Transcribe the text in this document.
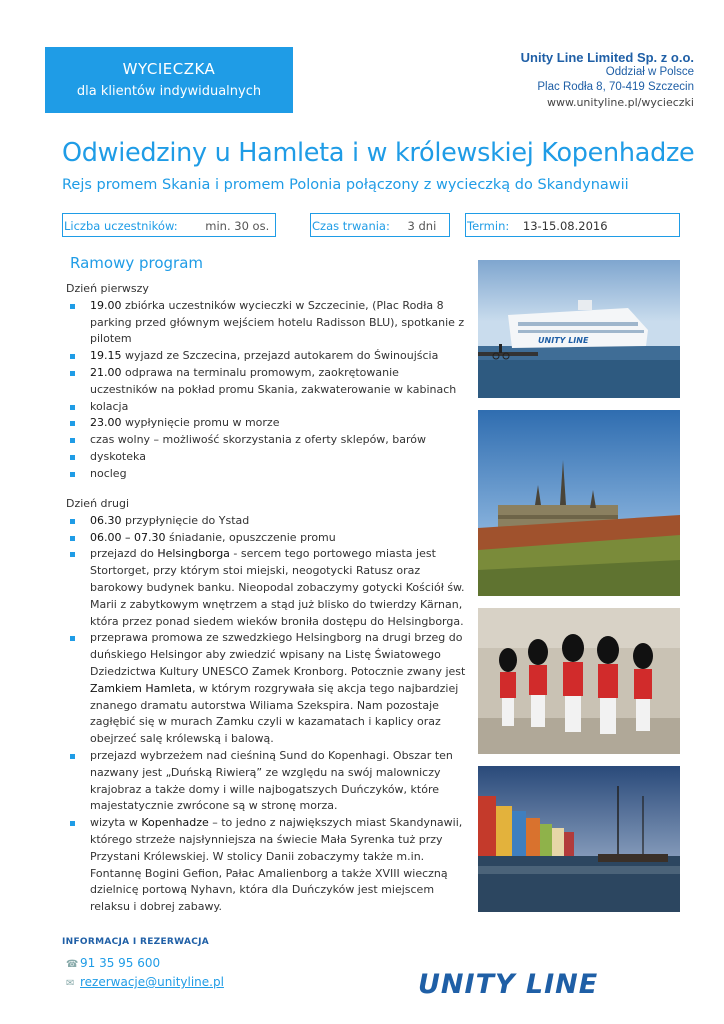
WYCIECZKA
dla klientów indywidualnych
Unity Line Limited Sp. z o.o.
Oddział w Polsce
Plac Rodła 8, 70-419 Szczecin
www.unityline.pl/wycieczki
Odwiedziny u Hamleta i w królewskiej Kopenhadze
Rejs promem Skania i promem Polonia połączony z wycieczką do Skandynawii
Liczba uczestników: min. 30 os.	Czas trwania: 3 dni	Termin: 13-15.08.2016
Ramowy program
Dzień pierwszy
19.00 zbiórka uczestników wycieczki w Szczecinie, (Plac Rodła 8 parking przed głównym wejściem hotelu Radisson BLU), spotkanie z pilotem
19.15 wyjazd ze Szczecina, przejazd autokarem do Świnoujścia
21.00 odprawa na terminalu promowym, zaokrętowanie uczestników na pokład promu Skania, zakwaterowanie w kabinach
kolacja
23.00 wypłynięcie promu w morze
czas wolny – możliwość skorzystania z oferty sklepów, barów
dyskoteka
nocleg
Dzień drugi
06.30 przypłynięcie do Ystad
06.00 – 07.30 śniadanie, opuszczenie promu
przejazd do Helsingborga - sercem tego portowego miasta jest Stortorget, przy którym stoi miejski, neogotycki Ratusz oraz barokowy budynek banku. Nieopodal zobaczymy gotycki Kościół św. Marii z zabytkowym wnętrzem a stąd już blisko do twierdzy Kärnan, która przez ponad siedem wieków broniła dostępu do Helsingborga.
przeprawa promowa ze szwedzkiego Helsingborg na drugi brzeg do duńskiego Helsingor aby zwiedzić wpisany na Listę Światowego Dziedzictwa Kultury UNESCO Zamek Kronborg. Potocznie zwany jest Zamkiem Hamleta, w którym rozgrywała się akcja tego najbardziej znanego dramatu autorstwa Wiliama Szekspira. Nam pozostaje zagłębić się w murach Zamku czyli w kazamatach i kaplicy oraz obejrzeć salę królewską i balową.
przejazd wybrzeżem nad cieśniną Sund do Kopenhagi. Obszar ten nazwany jest „Duńską Riwierą” ze względu na swój malowniczy krajobraz a także domy i wille najbogatszych Duńczyków, które majestatycznie zwrócone są w stronę morza.
wizyta w Kopenhadze – to jedno z największych miast Skandynawii, którego strzeże najsłynniejsza na świecie Mała Syrenka tuż przy Przystani Królewskiej. W stolicy Danii zobaczymy także m.in. Fontannę Bogini Gefion, Pałac Amalienborg a także XVIII wieczną dzielnicę portową Nyhavn, która dla Duńczyków jest miejscem relaksu i dobrej zabawy.
UNITY LINE
INFORMACJA I REZERWACJA
☎ 91 35 95 600
✉ rezerwacje@unityline.pl	UNITY LINE
